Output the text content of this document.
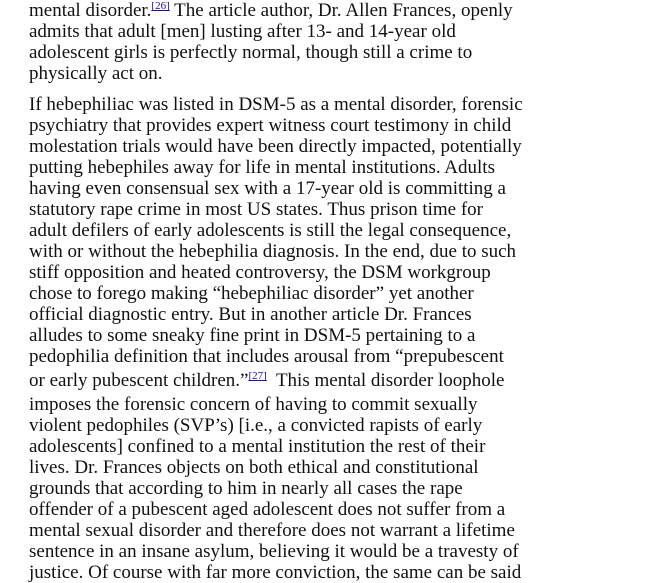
mental disorder.[26] The article author, Dr. Allen Frances, openly
admits that adult [men] lusting after 13- and 14-year old
adolescent girls is perfectly normal, though still a crime to
physically act on.
If hebephiliac was listed in DSM-5 as a mental disorder, forensic
psychiatry that provides expert witness court testimony in child
molestation trials would have been directly impacted, potentially
putting hebephiles away for life in mental institutions. Adults
having even consensual sex with a 17-year old is committing a
statutory rape crime in most US states. Thus prison time for
adult defilers of early adolescents is still the legal consequence,
with or without the hebephilia diagnosis. In the end, due to such
stiff opposition and heated controversy, the DSM workgroup
chose to forego making “hebephiliac disorder” yet another
official diagnostic entry. But in another article Dr. Frances
alludes to some sneaky fine print in DSM-5 pertaining to a
pedophilia definition that includes arousal from “prepubescent
or early pubescent children.”[27]  This mental disorder loophole
imposes the forensic concern of having to commit sexually
violent pedophiles (SVP’s) [i.e., a convicted rapists of early
adolescents] confined to a mental institution the rest of their
lives. Dr. Frances objects on both ethical and constitutional
grounds that according to him in nearly all cases the rape
offender of a pubescent aged adolescent does not suffer from a
mental sexual disorder and therefore does not warrant a lifetime
sentence in an insane asylum, believing it would be a travesty of
justice. Of course with far more conviction, the same can be said
